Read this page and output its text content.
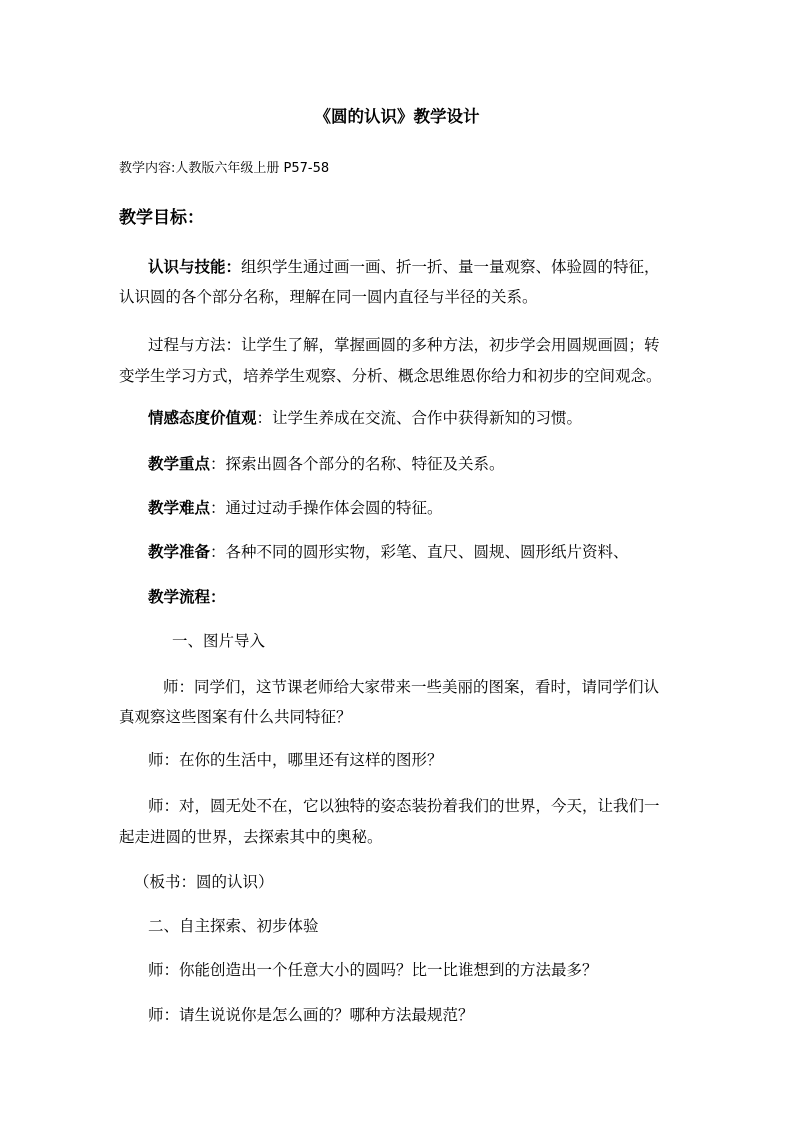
《圆的认识》教学设计
教学内容:人教版六年级上册 P57-58
教学目标：
认识与技能：组织学生通过画一画、折一折、量一量观察、体验圆的特征，
认识圆的各个部分名称，理解在同一圆内直径与半径的关系。
过程与方法：让学生了解，掌握画圆的多种方法，初步学会用圆规画圆；转
变学生学习方式，培养学生观察、分析、概念思维恩你给力和初步的空间观念。
情感态度价值观：让学生养成在交流、合作中获得新知的习惯。
教学重点：探索出圆各个部分的名称、特征及关系。
教学难点：通过过动手操作体会圆的特征。
教学准备：各种不同的圆形实物，彩笔、直尺、圆规、圆形纸片资料、
教学流程：
一、图片导入
师：同学们，这节课老师给大家带来一些美丽的图案，看时，请同学们认
真观察这些图案有什么共同特征？
师：在你的生活中，哪里还有这样的图形？
师：对，圆无处不在，它以独特的姿态装扮着我们的世界，今天，让我们一
起走进圆的世界，去探索其中的奥秘。
（板书：圆的认识）
二、自主探索、初步体验
师：你能创造出一个任意大小的圆吗？比一比谁想到的方法最多？
师：请生说说你是怎么画的？哪种方法最规范？
